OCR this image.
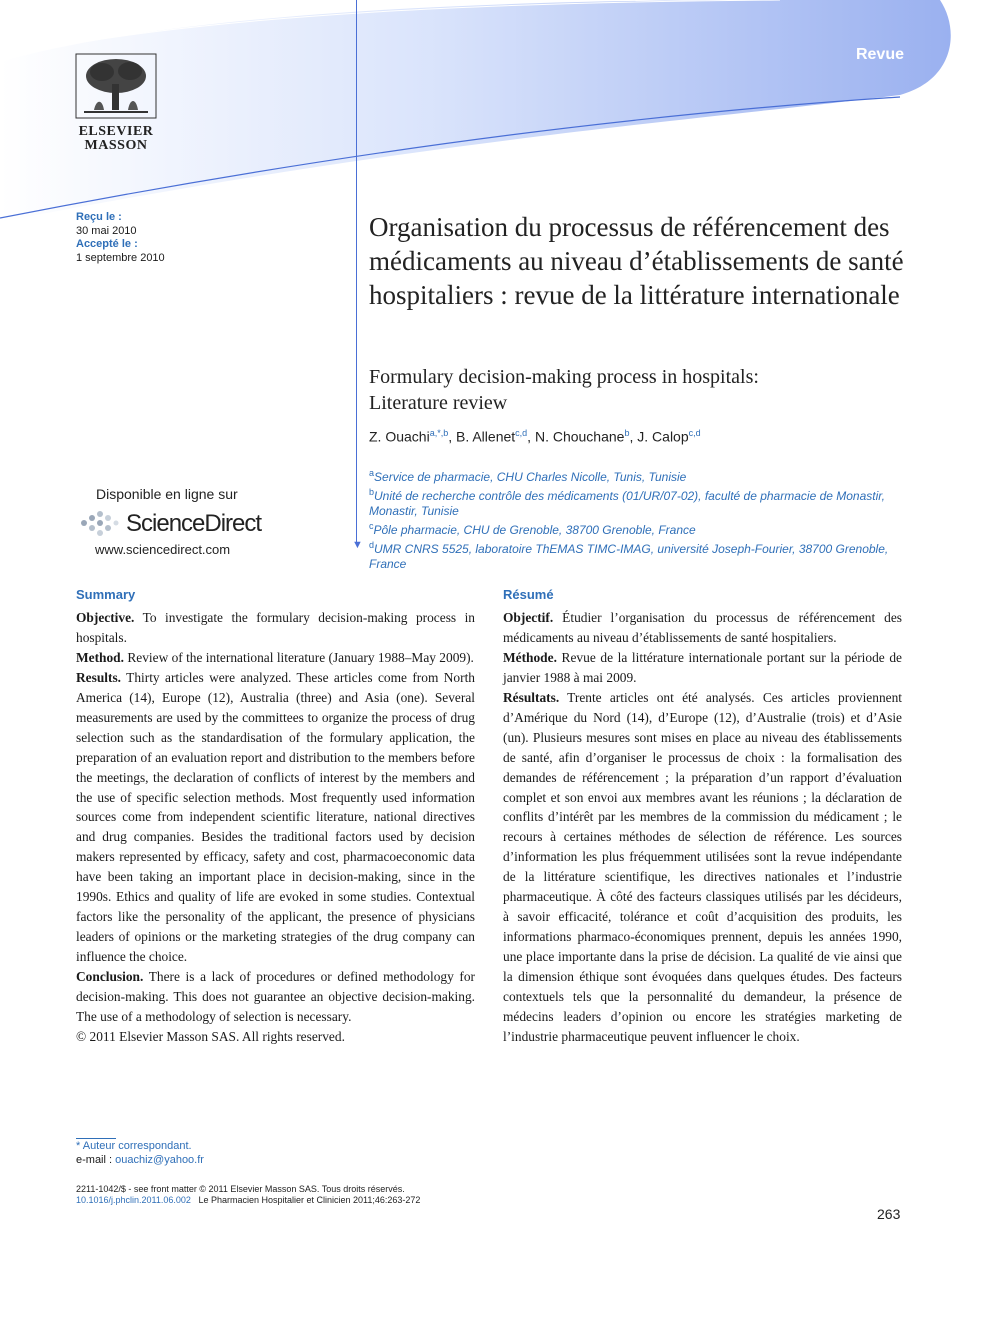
Revue
ELSEVIER
MASSON
Reçu le :
30 mai 2010
Accepté le :
1 septembre 2010
▼
Organisation du processus de référencement des médicaments au niveau d’établissements de santé hospitaliers : revue de la littérature internationale
Formulary decision-making process in hospitals:
Literature review
Z. Ouachi$^{a,*,b}$, B. Allenet$^{c,d}$, N. Chouchane$^b$, J. Calop$^{c,d}$
$^a$Service de pharmacie, CHU Charles Nicolle, Tunis, Tunisie
$^b$Unité de recherche contrôle des médicaments (01/UR/07-02), faculté de pharmacie de Monastir, Monastir, Tunisie
$^c$Pôle pharmacie, CHU de Grenoble, 38700 Grenoble, France
$^d$UMR CNRS 5525, laboratoire ThEMAS TIMC-IMAG, université Joseph-Fourier, 38700 Grenoble, France
Disponible en ligne sur
ScienceDirect
www.sciencedirect.com
Summary

Objective. To investigate the formulary decision-making process in hospitals.

Method. Review of the international literature (January 1988–May 2009).

Results. Thirty articles were analyzed. These articles come from North America (14), Europe (12), Australia (three) and Asia (one). Several measurements are used by the committees to organize the process of drug selection such as the standardisation of the formulary application, the preparation of an evaluation report and distribution to the members before the meetings, the declaration of conflicts of interest by the members and the use of specific selection methods. Most frequently used information sources come from independent scientific literature, national directives and drug companies. Besides the traditional factors used by decision makers represented by efficacy, safety and cost, pharmacoeconomic data have been taking an important place in decision-making, since in the 1990s. Ethics and quality of life are evoked in some studies. Contextual factors like the personality of the applicant, the presence of physicians leaders of opinions or the marketing strategies of the drug company can influence the choice.

Conclusion. There is a lack of procedures or defined methodology for decision-making. This does not guarantee an objective decision-making. The use of a methodology of selection is necessary.

© 2011 Elsevier Masson SAS. All rights reserved.

Résumé

Objectif. Étudier l’organisation du processus de référencement des médicaments au niveau d’établissements de santé hospitaliers.

Méthode. Revue de la littérature internationale portant sur la période de janvier 1988 à mai 2009.

Résultats. Trente articles ont été analysés. Ces articles proviennent d’Amérique du Nord (14), d’Europe (12), d’Australie (trois) et d’Asie (un). Plusieurs mesures sont mises en place au niveau des établissements de santé, afin d’organiser le processus de choix : la formalisation des demandes de référencement ; la préparation d’un rapport d’évaluation complet et son envoi aux membres avant les réunions ; la déclaration de conflits d’intérêt par les membres de la commission du médicament ; le recours à certaines méthodes de sélection de référence. Les sources d’information les plus fréquemment utilisées sont la revue indépendante de la littérature scientifique, les directives nationales et l’industrie pharmaceutique. À côté des facteurs classiques utilisés par les décideurs, à savoir efficacité, tolérance et coût d’acquisition des produits, les informations pharmaco-économiques prennent, depuis les années 1990, une place importante dans la prise de décision. La qualité de vie ainsi que la dimension éthique sont évoquées dans quelques études. Des facteurs contextuels tels que la personnalité du demandeur, la présence de médecins leaders d’opinion ou encore les stratégies marketing de l’industrie pharmaceutique peuvent influencer le choix.

* Auteur correspondant.
e-mail : ouachiz@yahoo.fr
2211-1042/$ - see front matter © 2011 Elsevier Masson SAS. Tous droits réservés.
10.1016/j.phclin.2011.06.002 Le Pharmacien Hospitalier et Clinicien 2011;46:263-272
263
